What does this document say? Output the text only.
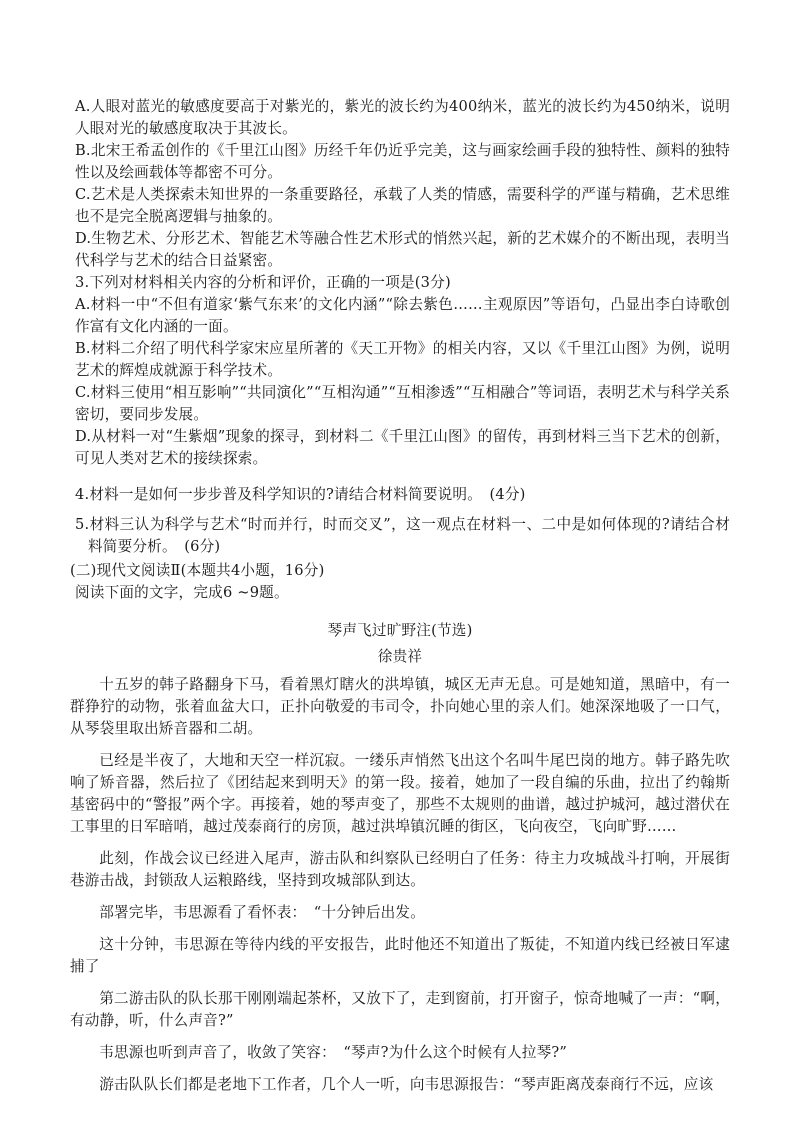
A.人眼对蓝光的敏感度要高于对紫光的，紫光的波长约为400纳米，蓝光的波长约为450纳米，说明人眼对光的敏感度取决于其波长。

B.北宋王希孟创作的《千里江山图》历经千年仍近乎完美，这与画家绘画手段的独特性、颜料的独特性以及绘画载体等都密不可分。

C.艺术是人类探索未知世界的一条重要路径，承载了人类的情感，需要科学的严谨与精确，艺术思维也不是完全脱离逻辑与抽象的。

D.生物艺术、分形艺术、智能艺术等融合性艺术形式的悄然兴起，新的艺术媒介的不断出现，表明当代科学与艺术的结合日益紧密。

3.下列对材料相关内容的分析和评价，正确的一项是(3分)

A.材料一中“不但有道家‘紫气东来’的文化内涵”“除去紫色……主观原因”等语句，凸显出李白诗歌创作富有文化内涵的一面。

B.材料二介绍了明代科学家宋应星所著的《天工开物》的相关内容，又以《千里江山图》为例，说明艺术的辉煌成就源于科学技术。

C.材料三使用“相互影响”“共同演化”“互相沟通”“互相渗透”“互相融合”等词语，表明艺术与科学关系密切，要同步发展。

D.从材料一对“生紫烟”现象的探寻，到材料二《千里江山图》的留传，再到材料三当下艺术的创新，可见人类对艺术的接续探索。

4.材料一是如何一步步普及科学知识的?请结合材料简要说明。　(4分)

5.材料三认为科学与艺术“时而并行，时而交叉”，这一观点在材料一、二中是如何体现的?请结合材料简要分析。　(6分)

(二)现代文阅读Ⅱ(本题共4小题，16分)

阅读下面的文字，完成6 ~9题。

琴声飞过旷野注(节选)

徐贵祥

十五岁的韩子路翻身下马，看着黑灯瞎火的洪埠镇，城区无声无息。可是她知道，黑暗中，有一群狰狞的动物，张着血盆大口，正扑向敬爱的韦司令，扑向她心里的亲人们。她深深地吸了一口气，从琴袋里取出矫音器和二胡。

已经是半夜了，大地和天空一样沉寂。一缕乐声悄然飞出这个名叫牛尾巴岗的地方。韩子路先吹响了矫音器，然后拉了《团结起来到明天》的第一段。接着，她加了一段自编的乐曲，拉出了约翰斯基密码中的“警报”两个字。再接着，她的琴声变了，那些不太规则的曲谱，越过护城河，越过潜伏在工事里的日军暗哨，越过茂泰商行的房顶，越过洪埠镇沉睡的街区，飞向夜空，飞向旷野……

此刻，作战会议已经进入尾声，游击队和纠察队已经明白了任务：待主力攻城战斗打响，开展街巷游击战，封锁敌人运粮路线，坚持到攻城部队到达。

部署完毕，韦思源看了看怀表：　“十分钟后出发。

这十分钟，韦思源在等待内线的平安报告，此时他还不知道出了叛徒，不知道内线已经被日军逮捕了

第二游击队的队长那干刚刚端起茶杯，又放下了，走到窗前，打开窗子，惊奇地喊了一声：“啊，有动静，听，什么声音?”

韦思源也听到声音了，收敛了笑容：　“琴声?为什么这个时候有人拉琴?”

游击队队长们都是老地下工作者，几个人一听，向韦思源报告：“琴声距离茂泰商行不远，应该
